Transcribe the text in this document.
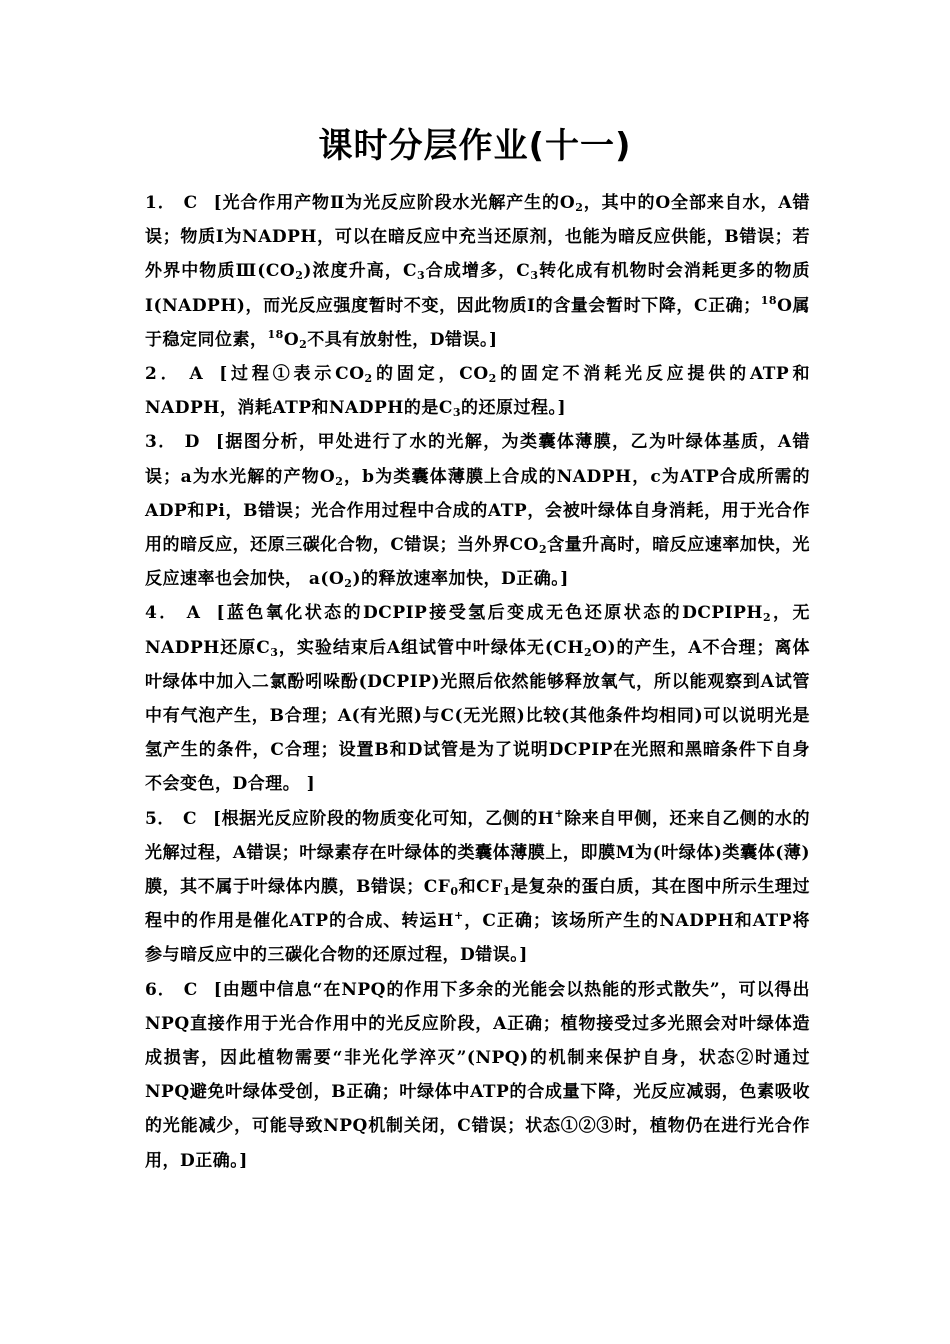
课时分层作业(十一)

1． C [光合作用产物Ⅱ为光反应阶段水光解产生的$O_2$，其中的O全部来自水，A错误；物质Ⅰ为NADPH，可以在暗反应中充当还原剂，也能为暗反应供能，B错误；若外界中物质$Ⅲ(CO_2)$浓度升高，$C_3$合成增多，$C_3$转化成有机物时会消耗更多的物质Ⅰ(NADPH)，而光反应强度暂时不变，因此物质Ⅰ的含量会暂时下降，C正确；$^{18}$O属于稳定同位素，$^{18}O_2$不具有放射性，D错误。]

2． A [过程①表示$CO_2$的固定，$CO_2$的固定不消耗光反应提供的ATP和NADPH，消耗ATP和NADPH的是$C_3$的还原过程。]

3． D [据图分析，甲处进行了水的光解，为类囊体薄膜，乙为叶绿体基质，A错误；a为水光解的产物$O_2$，b为类囊体薄膜上合成的NADPH，c为ATP合成所需的ADP和Pi，B错误；光合作用过程中合成的ATP，会被叶绿体自身消耗，用于光合作用的暗反应，还原三碳化合物，C错误；当外界$CO_2$含量升高时，暗反应速率加快，光反应速率也会加快， $a(O_2)$的释放速率加快，D正确。]

4． A [蓝色氧化状态的DCPIP接受氢后变成无色还原状态的$DCPIPH_2$，无NADPH还原$C_3$，实验结束后A组试管中叶绿体无$(CH_2O)$的产生，A不合理；离体叶绿体中加入二氯酚吲哚酚(DCPIP)光照后依然能够释放氧气，所以能观察到A试管中有气泡产生，B合理；A(有光照)与C(无光照)比较(其他条件均相同)可以说明光是氢产生的条件，C合理；设置B和D试管是为了说明DCPIP在光照和黑暗条件下自身不会变色，D合理。 ]

5． C [根据光反应阶段的物质变化可知，乙侧的H+除来自甲侧，还来自乙侧的水的光解过程，A错误；叶绿素存在叶绿体的类囊体薄膜上，即膜M为(叶绿体)类囊体(薄)膜，其不属于叶绿体内膜，B错误；$CF_0$和$CF_1$是复杂的蛋白质，其在图中所示生理过程中的作用是催化ATP的合成、转运H+，C正确；该场所产生的NADPH和ATP将参与暗反应中的三碳化合物的还原过程，D错误。]

6． C [由题中信息“在NPQ的作用下多余的光能会以热能的形式散失”，可以得出NPQ直接作用于光合作用中的光反应阶段，A正确；植物接受过多光照会对叶绿体造成损害，因此植物需要“非光化学淬灭”(NPQ)的机制来保护自身，状态②时通过NPQ避免叶绿体受创，B正确；叶绿体中ATP的合成量下降，光反应减弱，色素吸收的光能减少，可能导致NPQ机制关闭，C错误；状态①②③时，植物仍在进行光合作用，D正确。]
